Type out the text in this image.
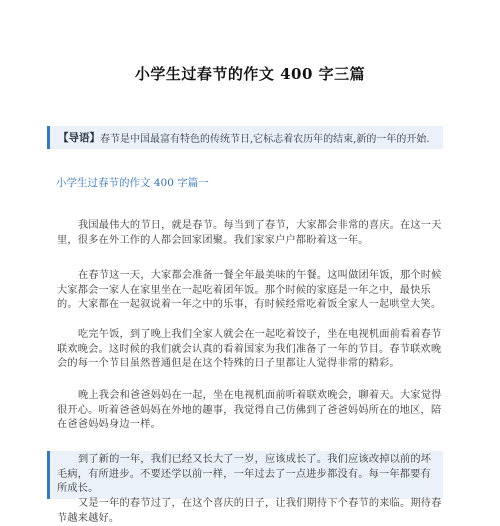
小学生过春节的作文 400 字三篇
【导语】 春节是中国最富有特色的传统节日,它标志着农历年的结束,新的一年的开始.
小学生过春节的作文 400 字篇一

我国最伟大的节日，就是春节。每当到了春节，大家都会非常的喜庆。在这一天里，很多在外工作的人都会回家团聚。我们家家户户都盼着这一年。

在春节这一天，大家都会准备一餐全年最美味的午餐。这叫做团年饭，那个时候大家都会一家人在家里坐在一起吃着团年饭。那个时候的家庭是一年之中，最快乐的。大家都在一起叙说着一年之中的乐事，有时候经常吃着饭全家人一起哄堂大笑。

吃完午饭，到了晚上我们全家人就会在一起吃着饺子，坐在电视机面前看着春节联欢晚会。这时候的我们就会认真的看着国家为我们准备了一年的节目。春节联欢晚会的每一个节目虽然普通但是在这个特殊的日子里都让人觉得非常的精彩。

晚上我会和爸爸妈妈在一起，坐在电视机面前听着联欢晚会，聊着天。大家觉得很开心。听着爸爸妈妈在外地的趣事，我觉得自己仿佛到了爸爸妈妈所在的地区，陪在爸爸妈妈身边一样。

到了新的一年，我们已经又长大了一岁，应该成长了。我们应该改掉以前的坏毛病，有所进步。不要还学以前一样，一年过去了一点进步都没有。每一年都要有所成长。

又是一年的春节过了，在这个喜庆的日子，让我们期待下个春节的来临。期待春节越来越好。
